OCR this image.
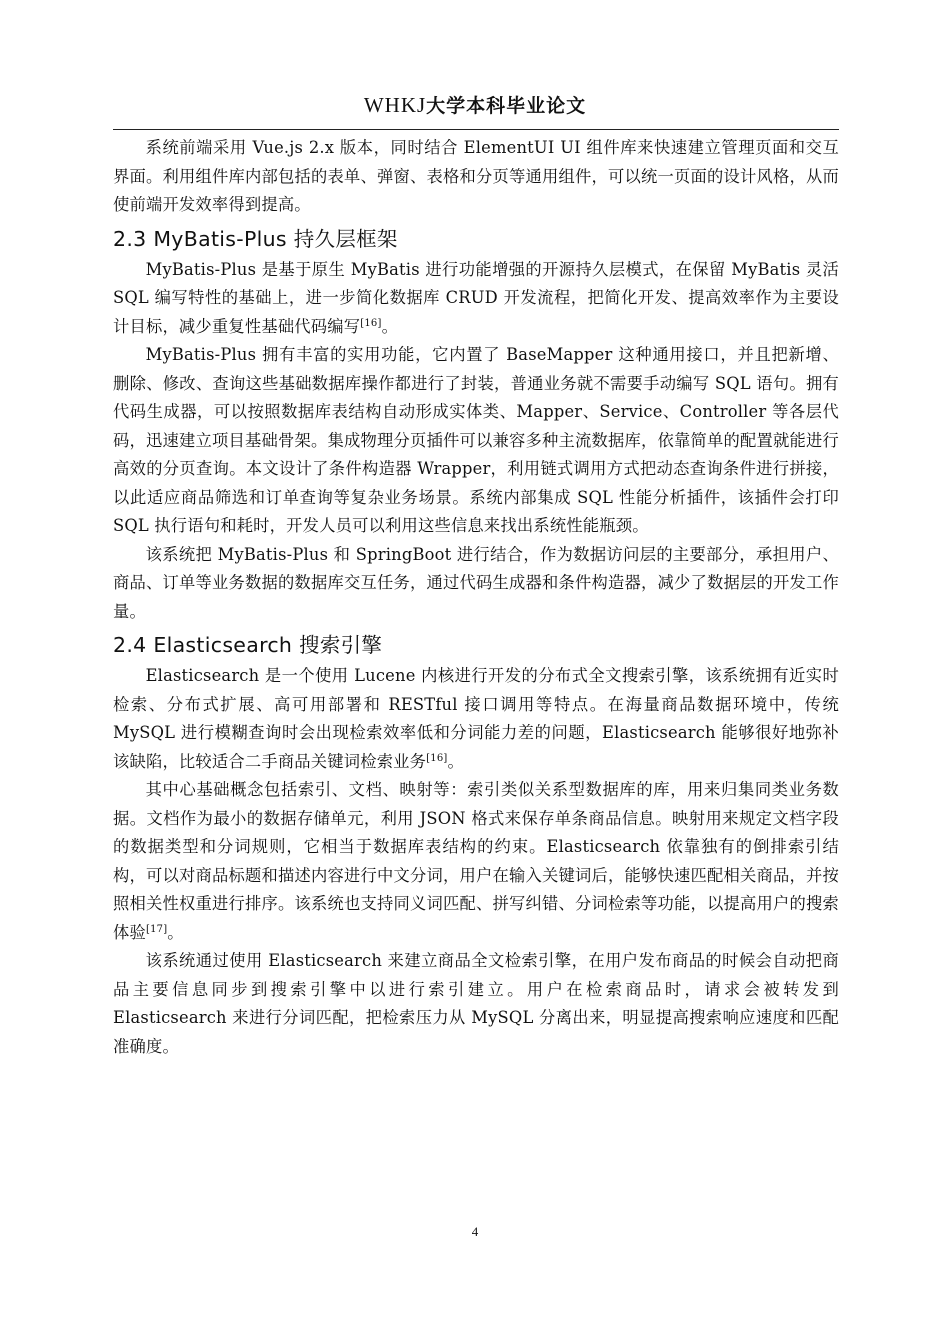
WHKJ大学本科毕业论文

系统前端采用 Vue.js 2.x 版本，同时结合 ElementUI UI 组件库来快速建立管理页面和交互界面。利用组件库内部包括的表单、弹窗、表格和分页等通用组件，可以统一页面的设计风格，从而使前端开发效率得到提高。

2.3 MyBatis-Plus 持久层框架

MyBatis-Plus 是基于原生 MyBatis 进行功能增强的开源持久层模式，在保留 MyBatis 灵活 SQL 编写特性的基础上，进一步简化数据库 CRUD 开发流程，把简化开发、提高效率作为主要设计目标，减少重复性基础代码编写[16]。

MyBatis-Plus 拥有丰富的实用功能，它内置了 BaseMapper 这种通用接口，并且把新增、删除、修改、查询这些基础数据库操作都进行了封装，普通业务就不需要手动编写 SQL 语句。拥有代码生成器，可以按照数据库表结构自动形成实体类、Mapper、Service、Controller 等各层代码，迅速建立项目基础骨架。集成物理分页插件可以兼容多种主流数据库，依靠简单的配置就能进行高效的分页查询。本文设计了条件构造器 Wrapper，利用链式调用方式把动态查询条件进行拼接，以此适应商品筛选和订单查询等复杂业务场景。系统内部集成 SQL 性能分析插件，该插件会打印 SQL 执行语句和耗时，开发人员可以利用这些信息来找出系统性能瓶颈。

该系统把 MyBatis-Plus 和 SpringBoot 进行结合，作为数据访问层的主要部分，承担用户、商品、订单等业务数据的数据库交互任务，通过代码生成器和条件构造器，减少了数据层的开发工作量。

2.4 Elasticsearch 搜索引擎

Elasticsearch 是一个使用 Lucene 内核进行开发的分布式全文搜索引擎，该系统拥有近实时检索、分布式扩展、高可用部署和 RESTful 接口调用等特点。在海量商品数据环境中，传统 MySQL 进行模糊查询时会出现检索效率低和分词能力差的问题，Elasticsearch 能够很好地弥补该缺陷，比较适合二手商品关键词检索业务[16]。

其中心基础概念包括索引、文档、映射等：索引类似关系型数据库的库，用来归集同类业务数据。文档作为最小的数据存储单元，利用 JSON 格式来保存单条商品信息。映射用来规定文档字段的数据类型和分词规则，它相当于数据库表结构的约束。Elasticsearch 依靠独有的倒排索引结构，可以对商品标题和描述内容进行中文分词，用户在输入关键词后，能够快速匹配相关商品，并按照相关性权重进行排序。该系统也支持同义词匹配、拼写纠错、分词检索等功能，以提高用户的搜索体验[17]。

该系统通过使用 Elasticsearch 来建立商品全文检索引擎，在用户发布商品的时候会自动把商品主要信息同步到搜索引擎中以进行索引建立。用户在检索商品时，请求会被转发到 Elasticsearch 来进行分词匹配，把检索压力从 MySQL 分离出来，明显提高搜索响应速度和匹配准确度。

4
